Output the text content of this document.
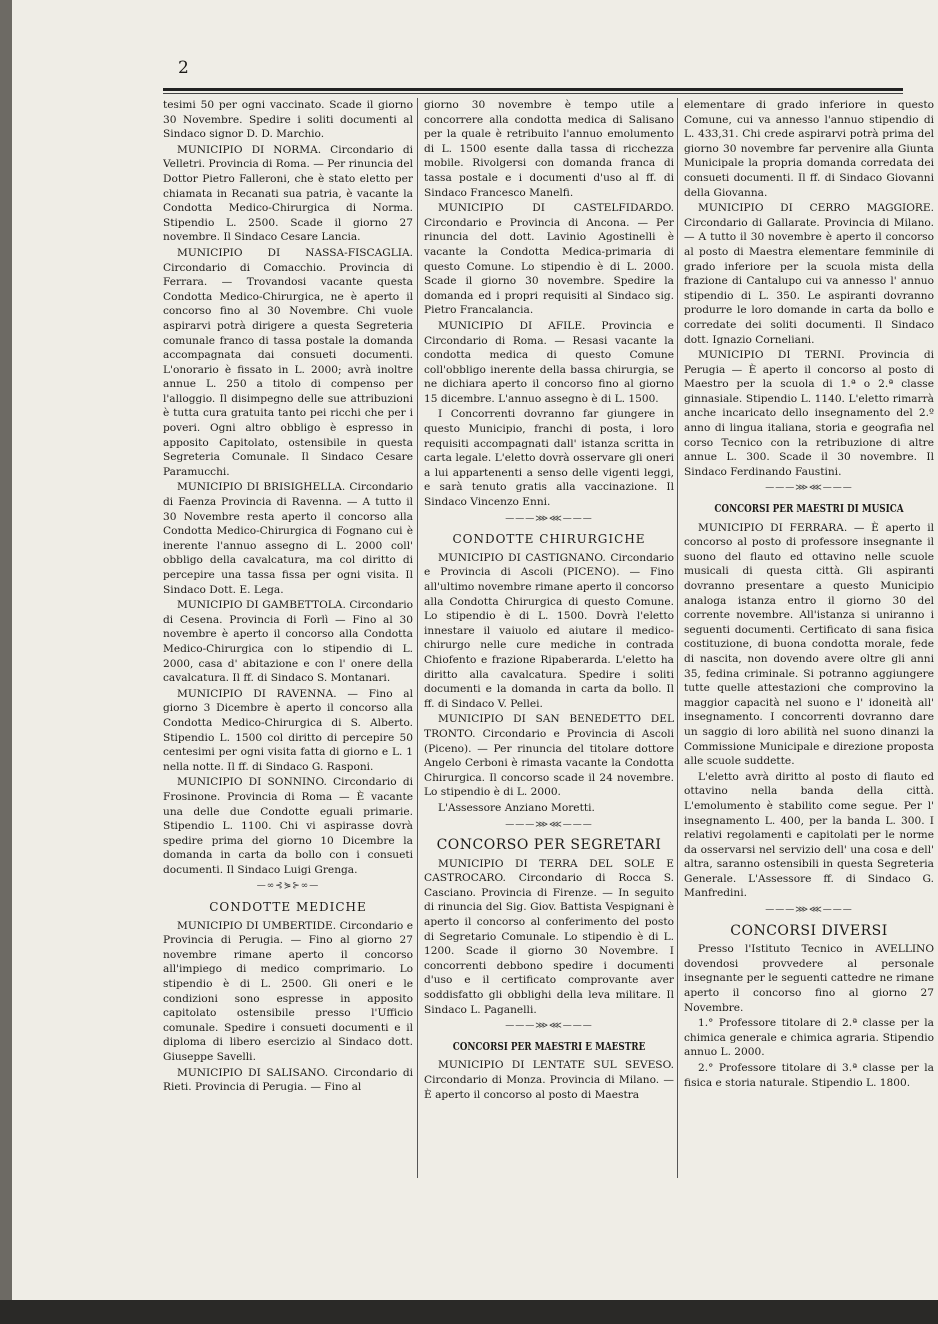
2

tesimi 50 per ogni vaccinato. Scade il giorno 30 Novembre. Spedire i soliti documenti al Sindaco signor D. D. Marchio.

MUNICIPIO DI NORMA. Circondario di Velletri. Provincia di Roma. — Per rinuncia del Dottor Pietro Falleroni, che è stato eletto per chiamata in Recanati sua patria, è vacante la Condotta Medico-Chirurgica di Norma. Stipendio L. 2500. Scade il giorno 27 novembre. Il Sindaco Cesare Lancia.

MUNICIPIO DI NASSA-FISCAGLIA. Circondario di Comacchio. Provincia di Ferrara. — Trovandosi vacante questa Condotta Medico-Chirurgica, ne è aperto il concorso fino al 30 Novembre. Chi vuole aspirarvi potrà dirigere a questa Segreteria comunale franco di tassa postale la domanda accompagnata dai consueti documenti. L'onorario è fissato in L. 2000; avrà inoltre annue L. 250 a titolo di compenso per l'alloggio. Il disimpegno delle sue attribuzioni è tutta cura gratuita tanto pei ricchi che per i poveri. Ogni altro obbligo è espresso in apposito Capitolato, ostensibile in questa Segreteria Comunale. Il Sindaco Cesare Paramucchi.

MUNICIPIO DI BRISIGHELLA. Circondario di Faenza Provincia di Ravenna. — A tutto il 30 Novembre resta aperto il concorso alla Condotta Medico-Chirurgica di Fognano cui è inerente l'annuo assegno di L. 2000 coll' obbligo della cavalcatura, ma col diritto di percepire una tassa fissa per ogni visita. Il Sindaco Dott. E. Lega.

MUNICIPIO DI GAMBETTOLA. Circondario di Cesena. Provincia di Forlì — Fino al 30 novembre è aperto il concorso alla Condotta Medico-Chirurgica con lo stipendio di L. 2000, casa d' abitazione e con l' onere della cavalcatura. Il ff. di Sindaco S. Montanari.

MUNICIPIO DI RAVENNA. — Fino al giorno 3 Dicembre è aperto il concorso alla Condotta Medico-Chirurgica di S. Alberto. Stipendio L. 1500 col diritto di percepire 50 centesimi per ogni visita fatta di giorno e L. 1 nella notte. Il ff. di Sindaco G. Rasponi.

MUNICIPIO DI SONNINO. Circondario di Frosinone. Provincia di Roma — È vacante una delle due Condotte eguali primarie. Stipendio L. 1100. Chi vi aspirasse dovrà spedire prima del giorno 10 Dicembre la domanda in carta da bollo con i consueti documenti. Il Sindaco Luigi Grenga.

—∞⊰⋟⊱∞—
CONDOTTE MEDICHE

MUNICIPIO DI UMBERTIDE. Circondario e Provincia di Perugia. — Fino al giorno 27 novembre rimane aperto il concorso all'impiego di medico comprimario. Lo stipendio è di L. 2500. Gli oneri e le condizioni sono espresse in apposito capitolato ostensibile presso l'Ufficio comunale. Spedire i consueti documenti e il diploma di libero esercizio al Sindaco dott. Giuseppe Savelli.

MUNICIPIO DI SALISANO. Circondario di Rieti. Provincia di Perugia. — Fino al

giorno 30 novembre è tempo utile a concorrere alla condotta medica di Salisano per la quale è retribuito l'annuo emolumento di L. 1500 esente dalla tassa di ricchezza mobile. Rivolgersi con domanda franca di tassa postale e i documenti d'uso al ff. di Sindaco Francesco Manelfi.

MUNICIPIO DI CASTELFIDARDO. Circondario e Provincia di Ancona. — Per rinuncia del dott. Lavinio Agostinelli è vacante la Condotta Medica-primaria di questo Comune. Lo stipendio è di L. 2000. Scade il giorno 30 novembre. Spedire la domanda ed i propri requisiti al Sindaco sig. Pietro Francalancia.

MUNICIPIO DI AFILE. Provincia e Circondario di Roma. — Resasi vacante la condotta medica di questo Comune coll'obbligo inerente della bassa chirurgia, se ne dichiara aperto il concorso fino al giorno 15 dicembre. L'annuo assegno è di L. 1500.

I Concorrenti dovranno far giungere in questo Municipio, franchi di posta, i loro requisiti accompagnati dall' istanza scritta in carta legale. L'eletto dovrà osservare gli oneri a lui appartenenti a senso delle vigenti leggi, e sarà tenuto gratis alla vaccinazione. Il Sindaco Vincenzo Enni.

———⋙⋘———
CONDOTTE CHIRURGICHE

MUNICIPIO DI CASTIGNANO. Circondario e Provincia di Ascoli (PICENO). — Fino all'ultimo novembre rimane aperto il concorso alla Condotta Chirurgica di questo Comune. Lo stipendio è di L. 1500. Dovrà l'eletto innestare il vaiuolo ed aiutare il medico-chirurgo nelle cure mediche in contrada Chiofento e frazione Ripaberarda. L'eletto ha diritto alla cavalcatura. Spedire i soliti documenti e la domanda in carta da bollo. Il ff. di Sindaco V. Pellei.

MUNICIPIO DI SAN BENEDETTO DEL TRONTO. Circondario e Provincia di Ascoli (Piceno). — Per rinuncia del titolare dottore Angelo Cerboni è rimasta vacante la Condotta Chirurgica. Il concorso scade il 24 novembre. Lo stipendio è di L. 2000.

L'Assessore Anziano Moretti.

———⋙⋘———
CONCORSO PER SEGRETARI

MUNICIPIO DI TERRA DEL SOLE E CASTROCARO. Circondario di Rocca S. Casciano. Provincia di Firenze. — In seguito di rinuncia del Sig. Giov. Battista Vespignani è aperto il concorso al conferimento del posto di Segretario Comunale. Lo stipendio è di L. 1200. Scade il giorno 30 Novembre. I concorrenti debbono spedire i documenti d'uso e il certificato comprovante aver soddisfatto gli obblighi della leva militare. Il Sindaco L. Paganelli.

———⋙⋘———
CONCORSI PER MAESTRI E MAESTRE

MUNICIPIO DI LENTATE SUL SEVESO. Circondario di Monza. Provincia di Milano. — È aperto il concorso al posto di Maestra

elementare di grado inferiore in questo Comune, cui va annesso l'annuo stipendio di L. 433,31. Chi crede aspirarvi potrà prima del giorno 30 novembre far pervenire alla Giunta Municipale la propria domanda corredata dei consueti documenti. Il ff. di Sindaco Giovanni della Giovanna.

MUNICIPIO DI CERRO MAGGIORE. Circondario di Gallarate. Provincia di Milano. — A tutto il 30 novembre è aperto il concorso al posto di Maestra elementare femminile di grado inferiore per la scuola mista della frazione di Cantalupo cui va annesso l' annuo stipendio di L. 350. Le aspiranti dovranno produrre le loro domande in carta da bollo e corredate dei soliti documenti. Il Sindaco dott. Ignazio Corneliani.

MUNICIPIO DI TERNI. Provincia di Perugia — È aperto il concorso al posto di Maestro per la scuola di 1.ª o 2.ª classe ginnasiale. Stipendio L. 1140. L'eletto rimarrà anche incaricato dello insegnamento del 2.º anno di lingua italiana, storia e geografia nel corso Tecnico con la retribuzione di altre annue L. 300. Scade il 30 novembre. Il Sindaco Ferdinando Faustini.

———⋙⋘———
CONCORSI PER MAESTRI DI MUSICA

MUNICIPIO DI FERRARA. — È aperto il concorso al posto di professore insegnante il suono del flauto ed ottavino nelle scuole musicali di questa città. Gli aspiranti dovranno presentare a questo Municipio analoga istanza entro il giorno 30 del corrente novembre. All'istanza si uniranno i seguenti documenti. Certificato di sana fisica costituzione, di buona condotta morale, fede di nascita, non dovendo avere oltre gli anni 35, fedina criminale. Si potranno aggiungere tutte quelle attestazioni che comprovino la maggior capacità nel suono e l' idoneità all' insegnamento. I concorrenti dovranno dare un saggio di loro abilità nel suono dinanzi la Commissione Municipale e direzione proposta alle scuole suddette.

L'eletto avrà diritto al posto di flauto ed ottavino nella banda della città. L'emolumento è stabilito come segue. Per l' insegnamento L. 400, per la banda L. 300. I relativi regolamenti e capitolati per le norme da osservarsi nel servizio dell' una cosa e dell' altra, saranno ostensibili in questa Segreteria Generale. L'Assessore ff. di Sindaco G. Manfredini.

———⋙⋘———
CONCORSI DIVERSI

Presso l'Istituto Tecnico in AVELLINO dovendosi provvedere al personale insegnante per le seguenti cattedre ne rimane aperto il concorso fino al giorno 27 Novembre.

1.° Professore titolare di 2.ª classe per la chimica generale e chimica agraria. Stipendio annuo L. 2000.

2.° Professore titolare di 3.ª classe per la fisica e storia naturale. Stipendio L. 1800.
